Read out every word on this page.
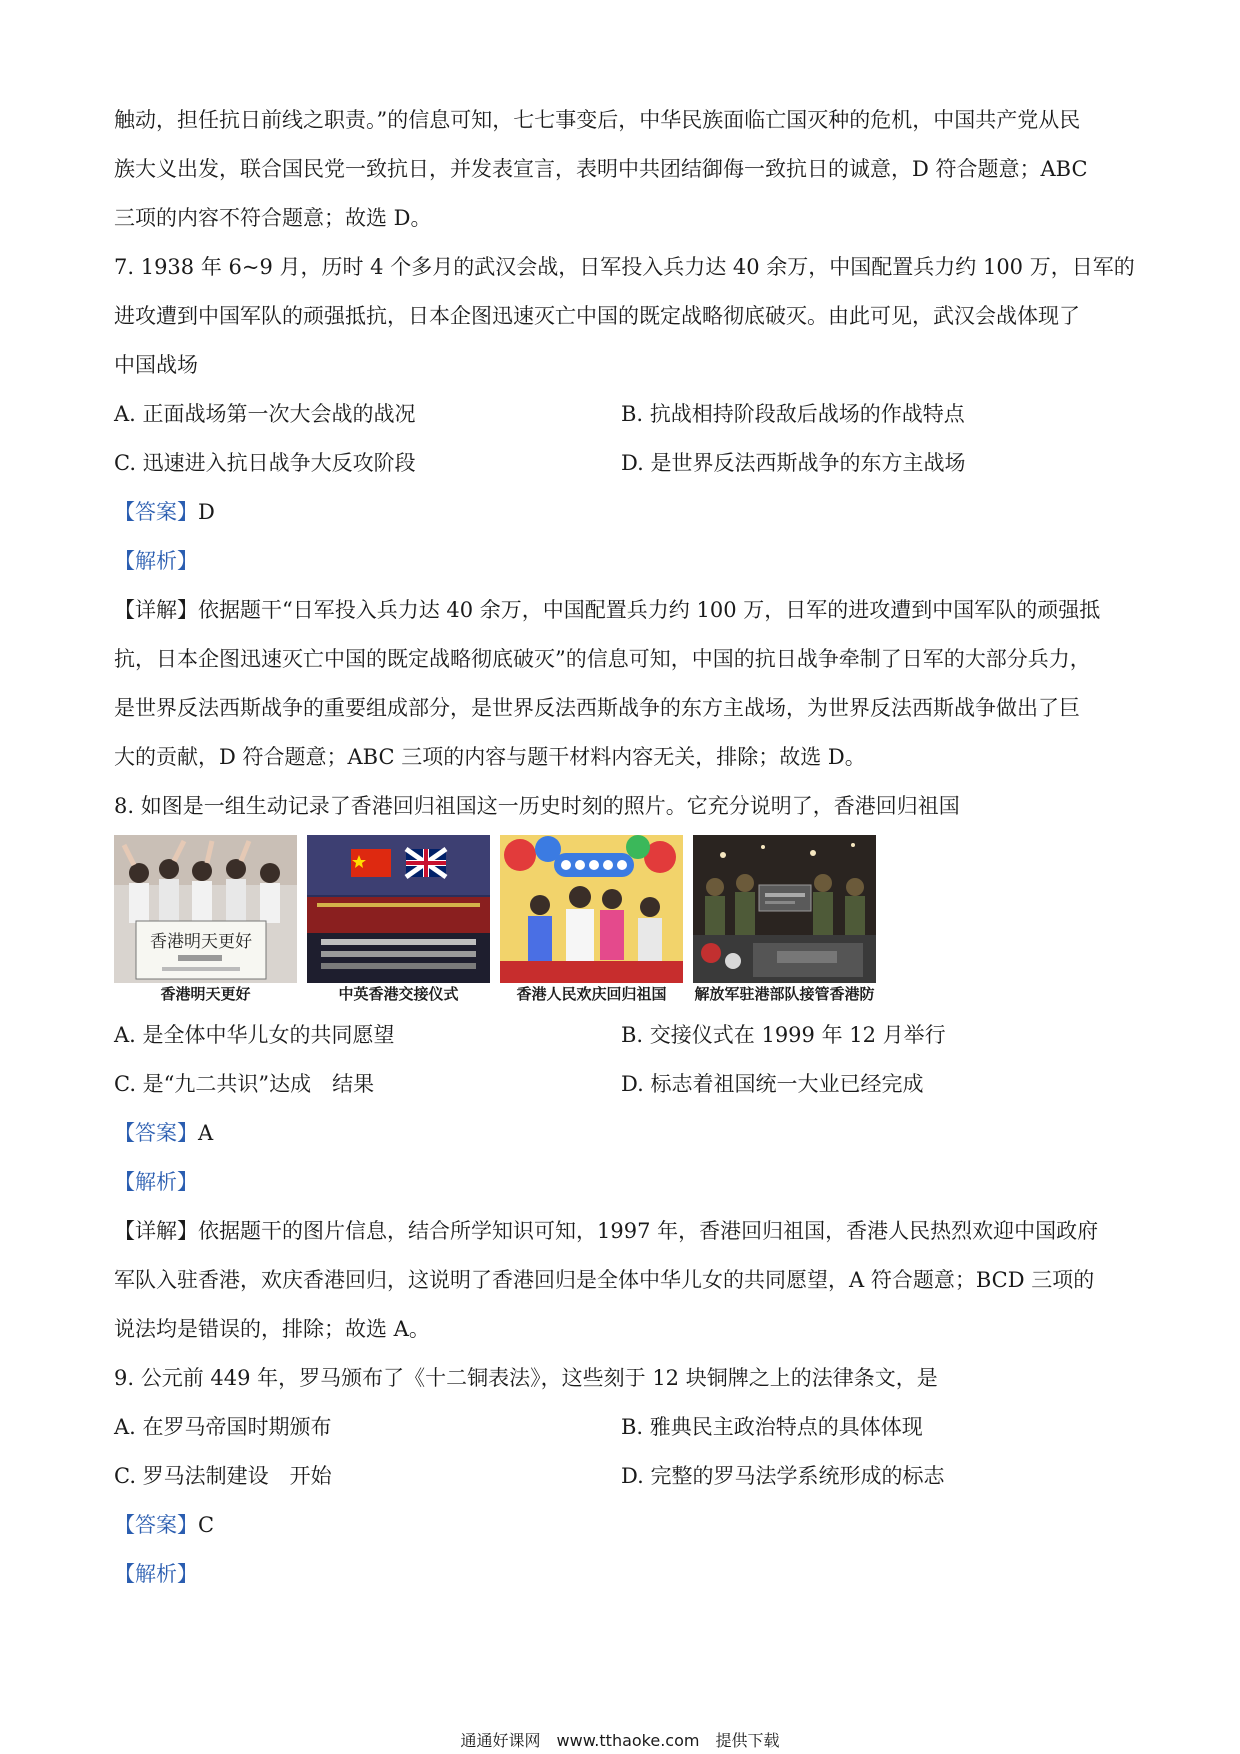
触动，担任抗日前线之职责。”的信息可知，七七事变后，中华民族面临亡国灭种的危机，中国共产党从民

族大义出发，联合国民党一致抗日，并发表宣言，表明中共团结御侮一致抗日的诚意，D 符合题意；ABC

三项的内容不符合题意；故选 D。

7. 1938 年 6~9 月，历时 4 个多月的武汉会战，日军投入兵力达 40 余万，中国配置兵力约 100 万，日军的

进攻遭到中国军队的顽强抵抗，日本企图迅速灭亡中国的既定战略彻底破灭。由此可见，武汉会战体现了

中国战场

A. 正面战场第一次大会战的战况	B. 抗战相持阶段敌后战场的作战特点
C. 迅速进入抗日战争大反攻阶段	D. 是世界反法西斯战争的东方主战场

【答案】D

【解析】

【详解】依据题干“日军投入兵力达 40 余万，中国配置兵力约 100 万，日军的进攻遭到中国军队的顽强抵

抗，日本企图迅速灭亡中国的既定战略彻底破灭”的信息可知，中国的抗日战争牵制了日军的大部分兵力，

是世界反法西斯战争的重要组成部分，是世界反法西斯战争的东方主战场，为世界反法西斯战争做出了巨

大的贡献，D 符合题意；ABC 三项的内容与题干材料内容无关，排除；故选 D。

8. 如图是一组生动记录了香港回归祖国这一历史时刻的照片。它充分说明了，香港回归祖国

香港明天更好
香港明天更好	中英香港交接仪式	香港人民欢庆回归祖国	解放军驻港部队接管香港防
A. 是全体中华儿女的共同愿望	B. 交接仪式在 1999 年 12 月举行
C. 是“九二共识”达成　结果	D. 标志着祖国统一大业已经完成

【答案】A

【解析】

【详解】依据题干的图片信息，结合所学知识可知，1997 年，香港回归祖国，香港人民热烈欢迎中国政府

军队入驻香港，欢庆香港回归，这说明了香港回归是全体中华儿女的共同愿望，A 符合题意；BCD 三项的

说法均是错误的，排除；故选 A。

9. 公元前 449 年，罗马颁布了《十二铜表法》，这些刻于 12 块铜牌之上的法律条文，是

A. 在罗马帝国时期颁布	B. 雅典民主政治特点的具体体现
C. 罗马法制建设　开始	D. 完整的罗马法学系统形成的标志

【答案】C

【解析】

通通好课网　www.tthaoke.com　提供下载
